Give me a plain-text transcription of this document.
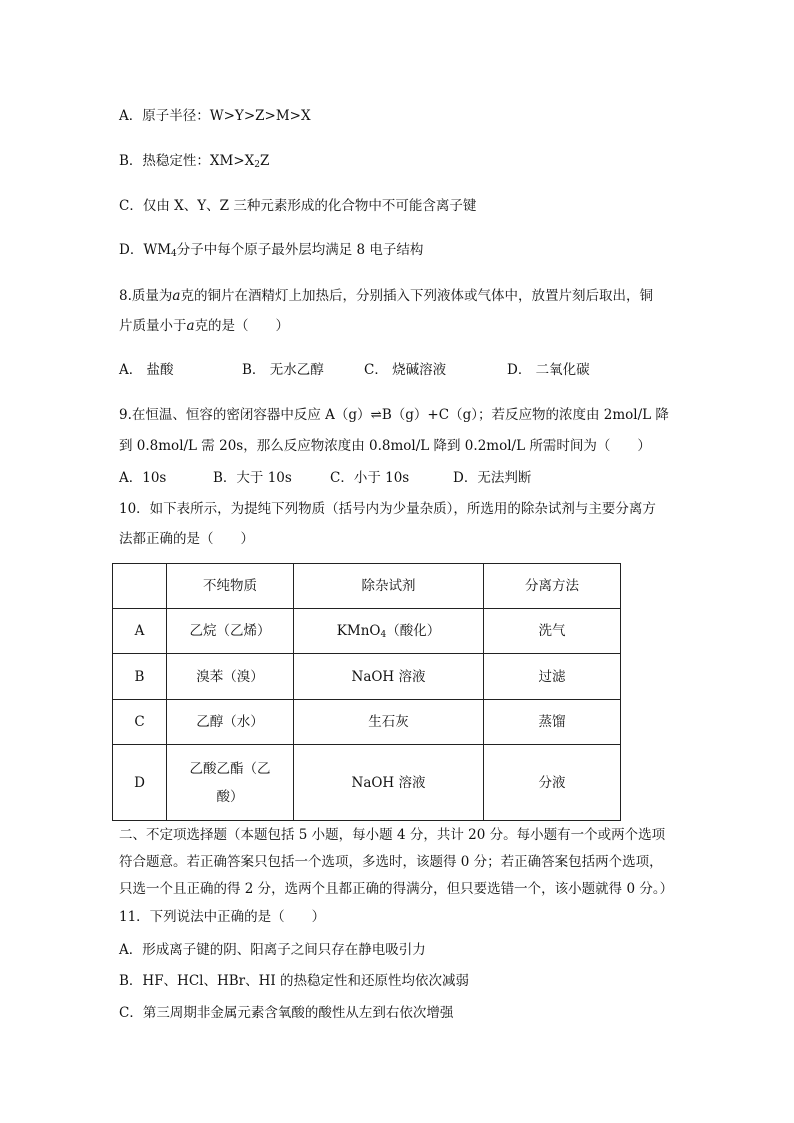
A．原子半径：W>Y>Z>M>X
B．热稳定性：$XM>X_2Z$
C．仅由 X、Y、Z 三种元素形成的化合物中不可能含离子键
D．$WM_4$分子中每个原子最外层均满足 8 电子结构
8.质量为a克的铜片在酒精灯上加热后，分别插入下列液体或气体中，放置片刻后取出，铜
片质量小于a克的是（　　）
A． 盐酸	B． 无水乙醇	C． 烧碱溶液	D． 二氧化碳
9.在恒温、恒容的密闭容器中反应 A（g）⇌B（g）+C（g）；若反应物的浓度由 2mol/L 降
到 0.8mol/L 需 20s，那么反应物浓度由 0.8mol/L 降到 0.2mol/L 所需时间为（　　）
A．10s	B．大于 10s	C．小于 10s	D．无法判断
10．如下表所示，为提纯下列物质（括号内为少量杂质），所选用的除杂试剂与主要分离方
法都正确的是（　　）
	不纯物质	除杂试剂	分离方法
A	乙烷（乙烯）	KMnO$_4$（酸化）	洗气
B	溴苯（溴）	NaOH 溶液	过滤
C	乙醇（水）	生石灰	蒸馏
D	乙酸乙酯（乙酸）	NaOH 溶液	分液
二、不定项选择题（本题包括 5 小题，每小题 4 分，共计 20 分。每小题有一个或两个选项
符合题意。若正确答案只包括一个选项，多选时，该题得 0 分；若正确答案包括两个选项，
只选一个且正确的得 2 分，选两个且都正确的得满分，但只要选错一个，该小题就得 0 分。）
11．下列说法中正确的是（　　）
A．形成离子键的阴、阳离子之间只存在静电吸引力
B．HF、HCl、HBr、HI 的热稳定性和还原性均依次减弱
C．第三周期非金属元素含氧酸的酸性从左到右依次增强
